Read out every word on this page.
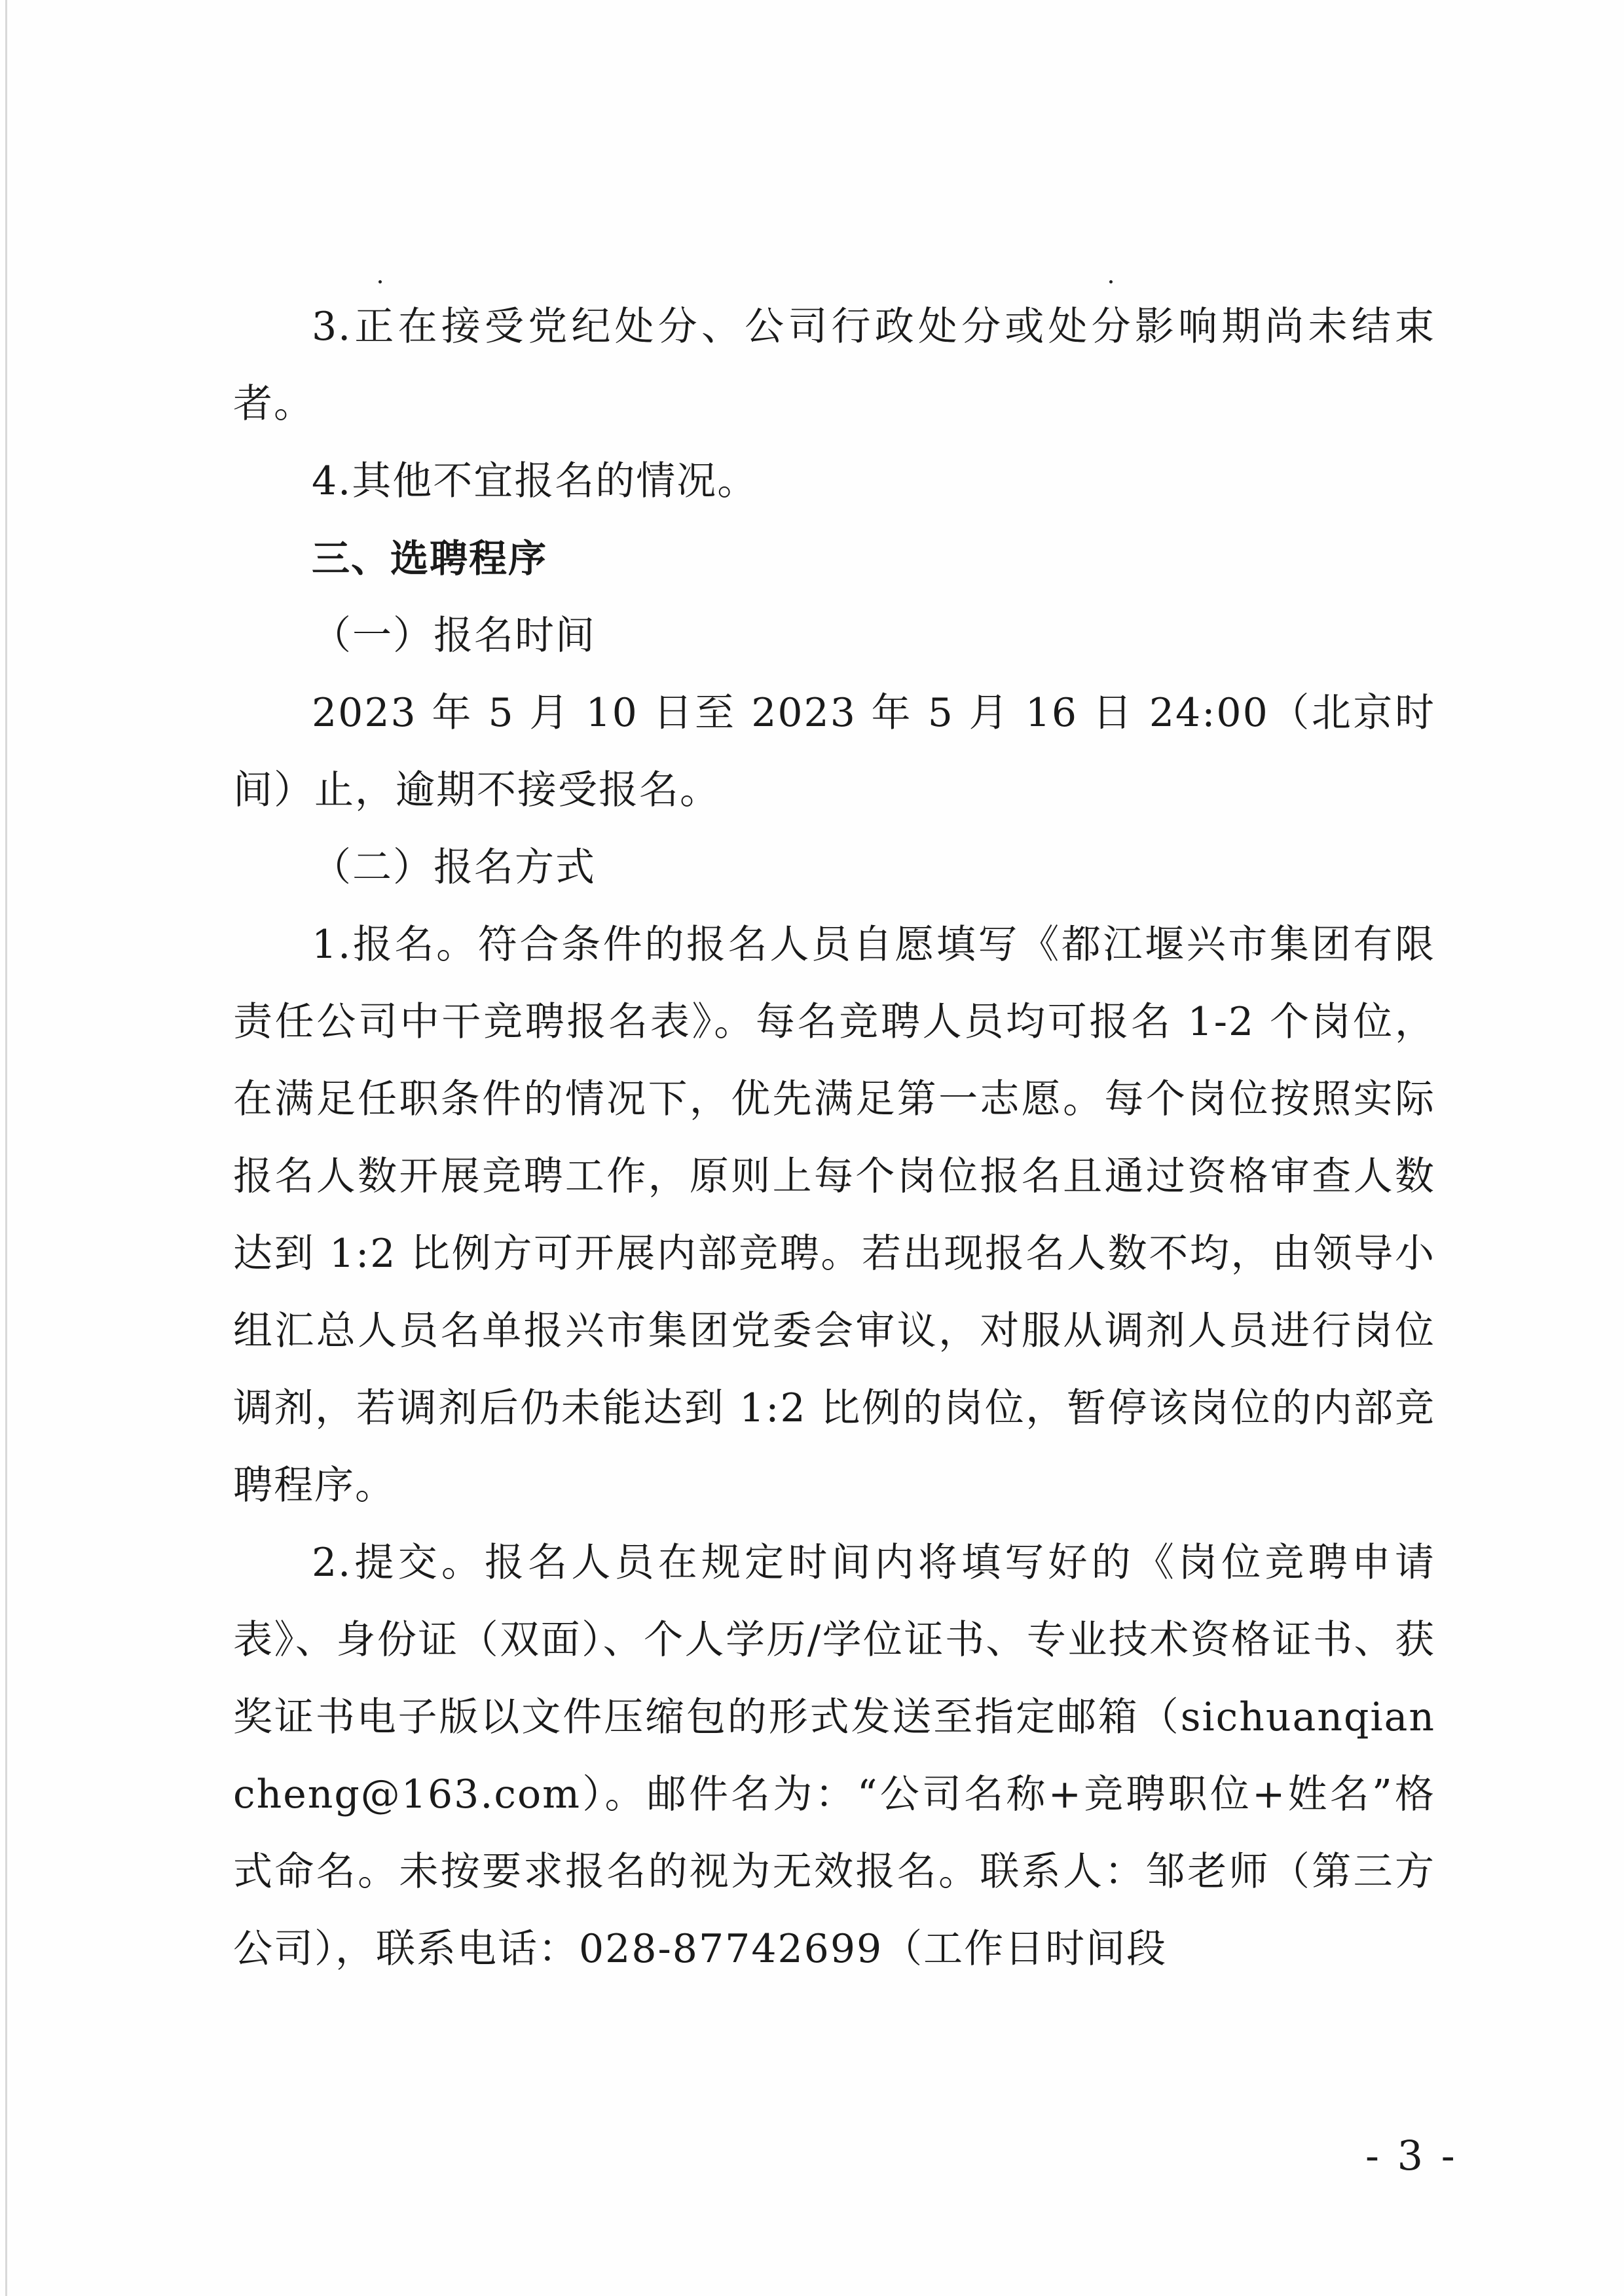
3.正在接受党纪处分、公司行政处分或处分影响期尚未结束者。

4.其他不宜报名的情况。

三、选聘程序

（一）报名时间

2023 年 5 月 10 日至 2023 年 5 月 16 日 24:00（北京时间）止，逾期不接受报名。

（二）报名方式

1.报名。符合条件的报名人员自愿填写《都江堰兴市集团有限责任公司中干竞聘报名表》。每名竞聘人员均可报名 1-2 个岗位，在满足任职条件的情况下，优先满足第一志愿。每个岗位按照实际报名人数开展竞聘工作，原则上每个岗位报名且通过资格审查人数达到 1:2 比例方可开展内部竞聘。若出现报名人数不均，由领导小组汇总人员名单报兴市集团党委会审议，对服从调剂人员进行岗位调剂，若调剂后仍未能达到 1:2 比例的岗位，暂停该岗位的内部竞聘程序。

2.提交。报名人员在规定时间内将填写好的《岗位竞聘申请表》、身份证（双面）、个人学历/学位证书、专业技术资格证书、获奖证书电子版以文件压缩包的形式发送至指定邮箱（sichuanqiancheng@163.com）。邮件名为：“公司名称+竞聘职位+姓名”格式命名。未按要求报名的视为无效报名。联系人：邹老师（第三方公司），联系电话：028-87742699（工作日时间段

- 3 -
